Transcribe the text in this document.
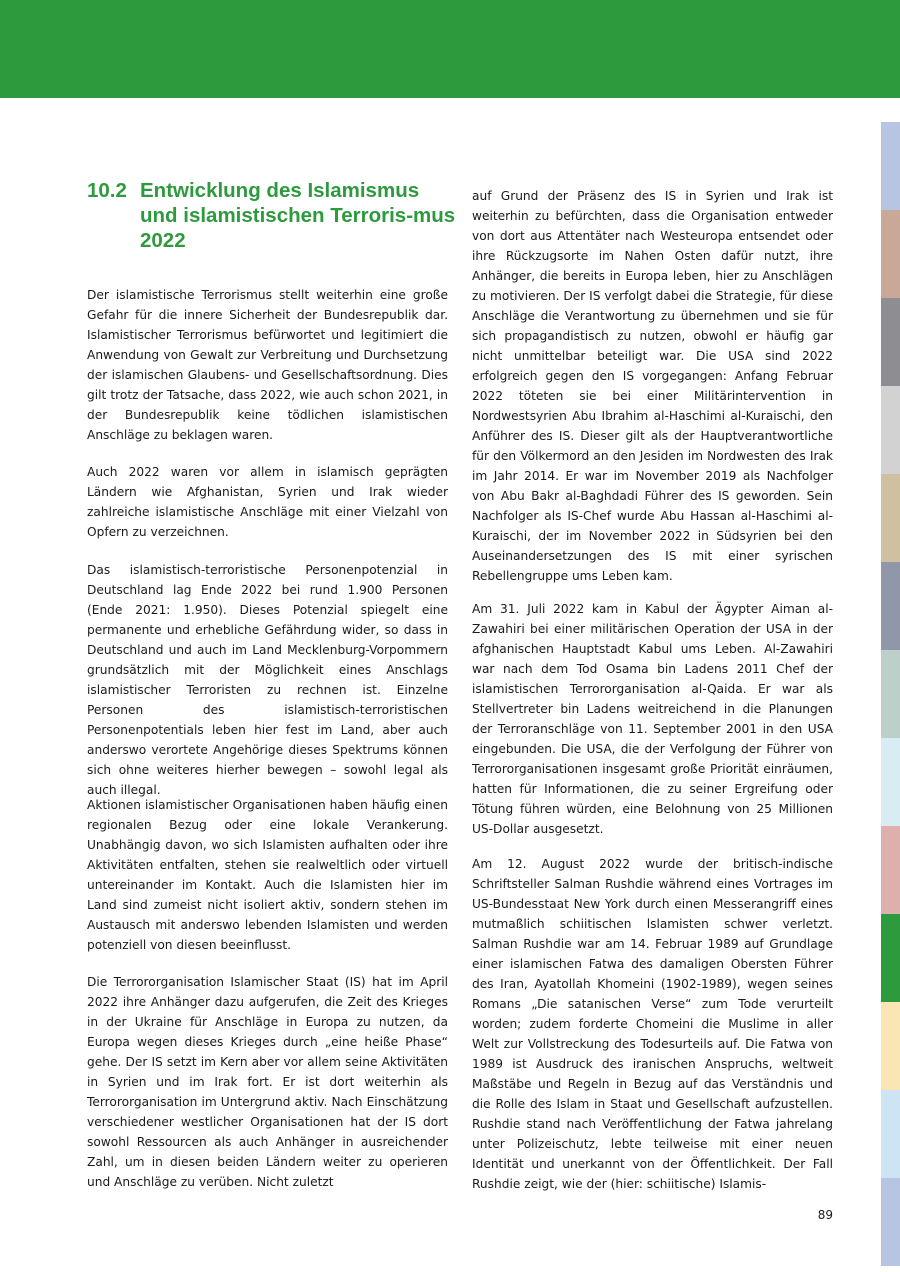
10.2 Entwicklung des Islamismus und islamistischen Terroris-mus 2022

Der islamistische Terrorismus stellt weiterhin eine große Gefahr für die innere Sicherheit der Bundesrepublik dar. Islamistischer Terrorismus befürwortet und legitimiert die Anwendung von Gewalt zur Verbreitung und Durchsetzung der islamischen Glaubens- und Gesellschaftsordnung. Dies gilt trotz der Tatsache, dass 2022, wie auch schon 2021, in der Bundesrepublik keine tödlichen islamistischen Anschläge zu beklagen waren.

Auch 2022 waren vor allem in islamisch geprägten Ländern wie Afghanistan, Syrien und Irak wieder zahlreiche islamistische Anschläge mit einer Vielzahl von Opfern zu verzeichnen.

Das islamistisch-terroristische Personenpotenzial in Deutschland lag Ende 2022 bei rund 1.900 Personen (Ende 2021: 1.950). Dieses Potenzial spiegelt eine permanente und erhebliche Gefährdung wider, so dass in Deutschland und auch im Land Mecklenburg-Vorpommern grundsätzlich mit der Möglichkeit eines Anschlags islamistischer Terroristen zu rechnen ist. Einzelne Personen des islamistisch-terroristischen Personenpotentials leben hier fest im Land, aber auch anderswo verortete Angehörige dieses Spektrums können sich ohne weiteres hierher bewegen – sowohl legal als auch illegal.

Aktionen islamistischer Organisationen haben häufig einen regionalen Bezug oder eine lokale Verankerung. Unabhängig davon, wo sich Islamisten aufhalten oder ihre Aktivitäten entfalten, stehen sie realweltlich oder virtuell untereinander im Kontakt. Auch die Islamisten hier im Land sind zumeist nicht isoliert aktiv, sondern stehen im Austausch mit anderswo lebenden Islamisten und werden potenziell von diesen beeinflusst.

Die Terrororganisation Islamischer Staat (IS) hat im April 2022 ihre Anhänger dazu aufgerufen, die Zeit des Krieges in der Ukraine für Anschläge in Europa zu nutzen, da Europa wegen dieses Krieges durch „eine heiße Phase“ gehe. Der IS setzt im Kern aber vor allem seine Aktivitäten in Syrien und im Irak fort. Er ist dort weiterhin als Terrororganisation im Untergrund aktiv. Nach Einschätzung verschiedener westlicher Organisationen hat der IS dort sowohl Ressourcen als auch Anhänger in ausreichender Zahl, um in diesen beiden Ländern weiter zu operieren und Anschläge zu verüben. Nicht zuletzt

auf Grund der Präsenz des IS in Syrien und Irak ist weiterhin zu befürchten, dass die Organisation entweder von dort aus Attentäter nach Westeuropa entsendet oder ihre Rückzugsorte im Nahen Osten dafür nutzt, ihre Anhänger, die bereits in Europa leben, hier zu Anschlägen zu motivieren. Der IS verfolgt dabei die Strategie, für diese Anschläge die Verantwortung zu übernehmen und sie für sich propagandistisch zu nutzen, obwohl er häufig gar nicht unmittelbar beteiligt war. Die USA sind 2022 erfolgreich gegen den IS vorgegangen: Anfang Februar 2022 töteten sie bei einer Militärintervention in Nordwestsyrien Abu Ibrahim al-Haschimi al-Kuraischi, den Anführer des IS. Dieser gilt als der Hauptverantwortliche für den Völkermord an den Jesiden im Nordwesten des Irak im Jahr 2014. Er war im November 2019 als Nachfolger von Abu Bakr al-Baghdadi Führer des IS geworden. Sein Nachfolger als IS-Chef wurde Abu Hassan al-Haschimi al-Kuraischi, der im November 2022 in Südsyrien bei den Auseinandersetzungen des IS mit einer syrischen Rebellengruppe ums Leben kam.

Am 31. Juli 2022 kam in Kabul der Ägypter Aiman al-Zawahiri bei einer militärischen Operation der USA in der afghanischen Hauptstadt Kabul ums Leben. Al-Zawahiri war nach dem Tod Osama bin Ladens 2011 Chef der islamistischen Terrororganisation al-Qaida. Er war als Stellvertreter bin Ladens weitreichend in die Planungen der Terroranschläge von 11. September 2001 in den USA eingebunden. Die USA, die der Verfolgung der Führer von Terrororganisationen insgesamt große Priorität einräumen, hatten für Informationen, die zu seiner Ergreifung oder Tötung führen würden, eine Belohnung von 25 Millionen US-Dollar ausgesetzt.

Am 12. August 2022 wurde der britisch-indische Schriftsteller Salman Rushdie während eines Vortrages im US-Bundesstaat New York durch einen Messerangriff eines mutmaßlich schiitischen lslamisten schwer verletzt. Salman Rushdie war am 14. Februar 1989 auf Grundlage einer islamischen Fatwa des damaligen Obersten Führer des Iran, Ayatollah Khomeini (1902-1989), wegen seines Romans „Die satanischen Verse“ zum Tode verurteilt worden; zudem forderte Chomeini die Muslime in aller Welt zur Vollstreckung des Todesurteils auf. Die Fatwa von 1989 ist Ausdruck des iranischen Anspruchs, weltweit Maßstäbe und Regeln in Bezug auf das Verständnis und die Rolle des Islam in Staat und Gesellschaft aufzustellen. Rushdie stand nach Veröffentlichung der Fatwa jahrelang unter Polizeischutz, lebte teilweise mit einer neuen Identität und unerkannt von der Öffentlichkeit. Der Fall Rushdie zeigt, wie der (hier: schiitische) Islamis-

89
